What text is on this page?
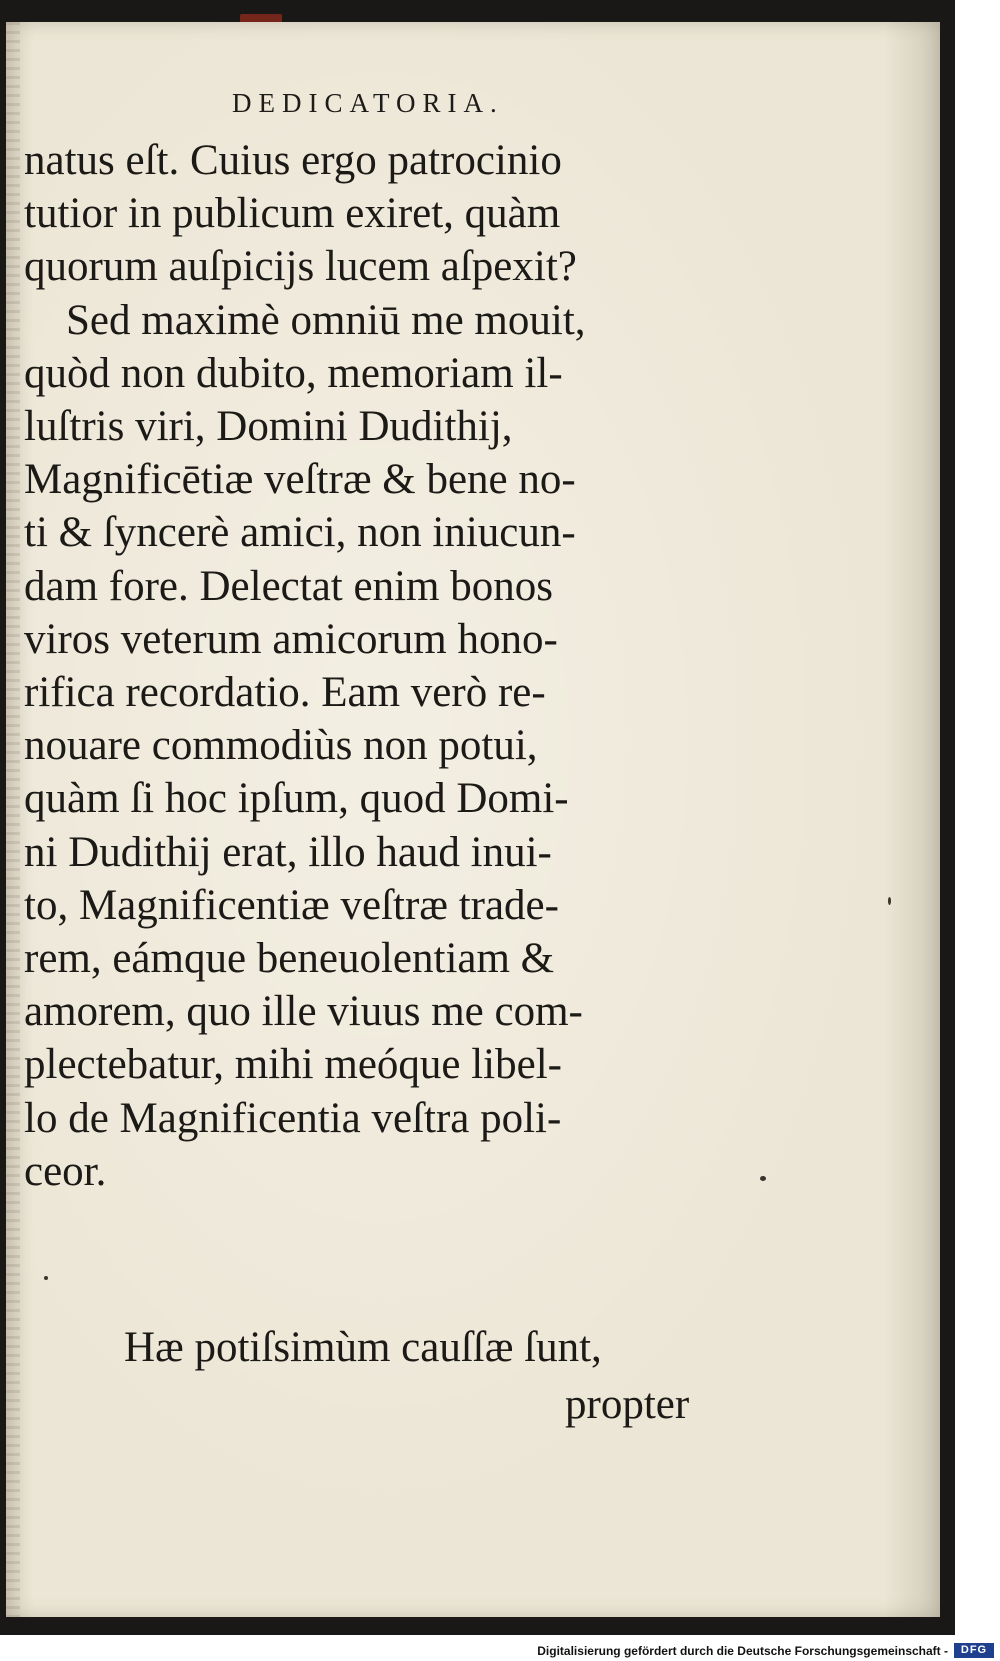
DEDICATORIA.
natus eſt. Cuius ergo patrocinio
tutior in publicum exiret, quàm
quorum auſpicijs lucem aſpexit?
Sed maximè omniū me mouit,
quòd non dubito, memoriam il-
luſtris viri, Domini Dudithij,
Magnificētiæ veſtræ & bene no-
ti & ſyncerè amici, non iniucun-
dam fore. Delectat enim bonos
viros veterum amicorum hono-
rifica recordatio. Eam verò re-
nouare commodiùs non potui,
quàm ſi hoc ipſum, quod Domi-
ni Dudithij erat, illo haud inui-
to, Magnificentiæ veſtræ trade-
rem, eámque beneuolentiam &
amorem, quo ille viuus me com-
plectebatur, mihi meóque libel-
lo de Magnificentia veſtra poli-
ceor.
Hæ potiſsimùm cauſſæ ſunt,
propter
Digitalisierung gefördert durch die Deutsche Forschungsgemeinschaft -	DFG
